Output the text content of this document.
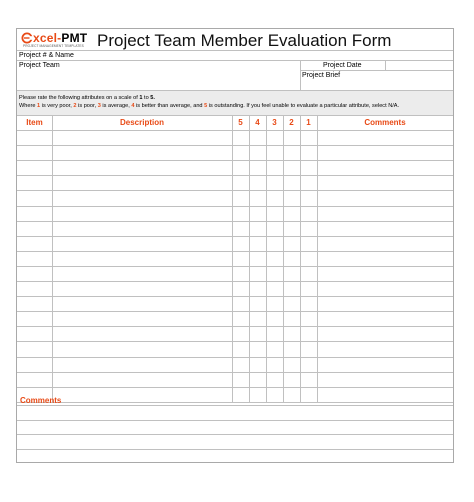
xcel-PMT
PROJECT MANAGEMENT TEMPLATES Project Team Member Evaluation Form
Project # & Name
Project Team	Project Date
Project Brief
Please rate the following attributes on a scale of 1 to 5.
Where 1 is very poor, 2 is poor, 3 is average, 4 is better than average, and 5 is outstanding. If you feel unable to evaluate a particular attribute, select N/A.
Item	Description	5	4	3	2	1	Comments
Comments
